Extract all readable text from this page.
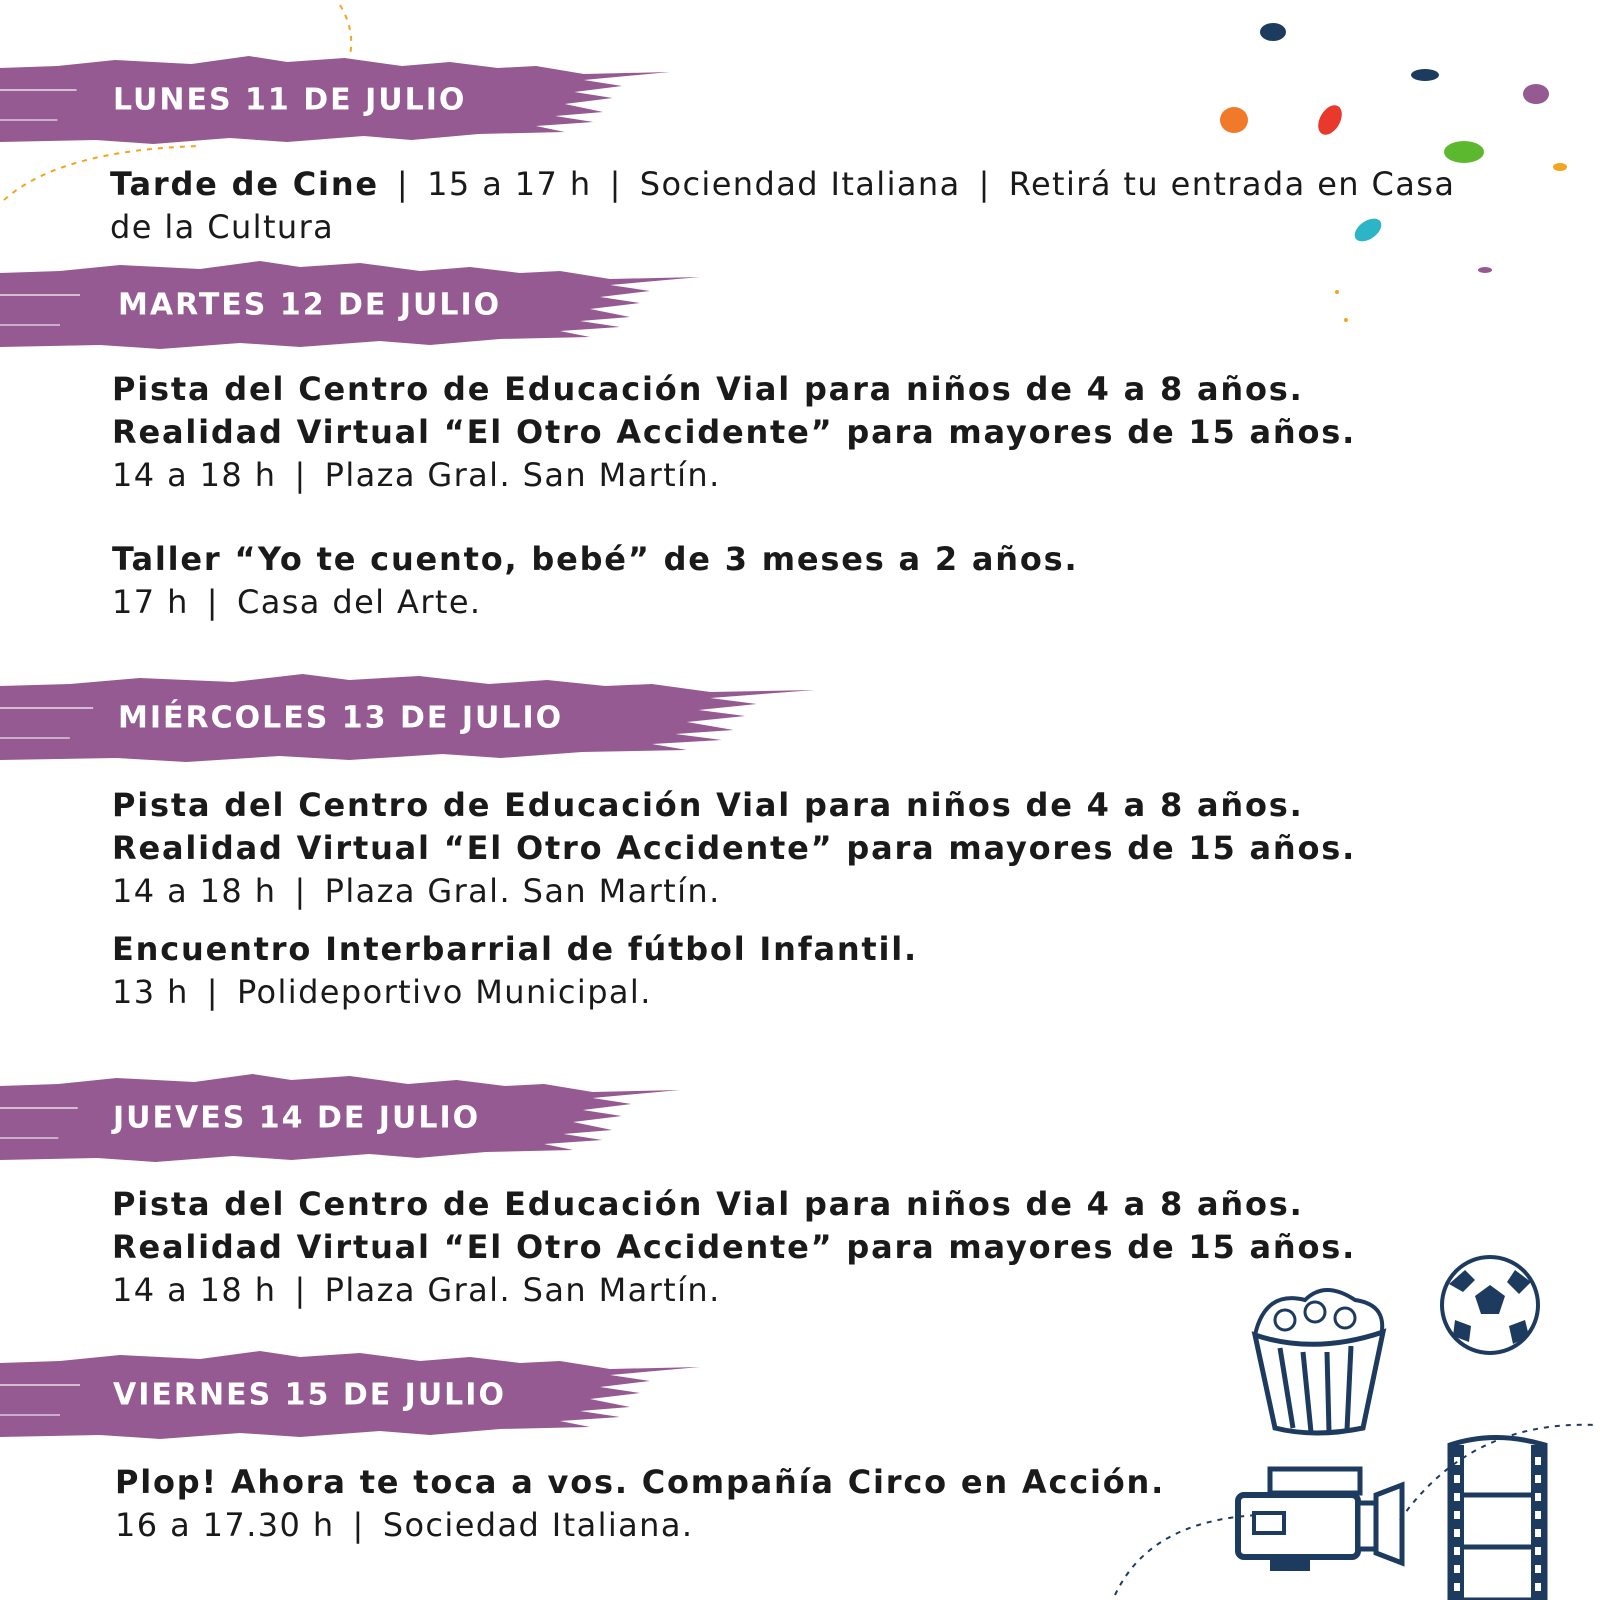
LUNES 11 DE JULIO
Tarde de Cine | 15 a 17 h | Sociendad Italiana | Retirá tu entrada en Casa
de la Cultura
MARTES 12 DE JULIO
Pista del Centro de Educación Vial para niños de 4 a 8 años.
Realidad Virtual “El Otro Accidente” para mayores de 15 años.
14 a 18 h | Plaza Gral. San Martín.
Taller “Yo te cuento, bebé” de 3 meses a 2 años.
17 h | Casa del Arte.
MIÉRCOLES 13 DE JULIO
Pista del Centro de Educación Vial para niños de 4 a 8 años.
Realidad Virtual “El Otro Accidente” para mayores de 15 años.
14 a 18 h | Plaza Gral. San Martín.
Encuentro Interbarrial de fútbol Infantil.
13 h | Polideportivo Municipal.
JUEVES 14 DE JULIO
Pista del Centro de Educación Vial para niños de 4 a 8 años.
Realidad Virtual “El Otro Accidente” para mayores de 15 años.
14 a 18 h | Plaza Gral. San Martín.
VIERNES 15 DE JULIO
Plop! Ahora te toca a vos. Compañía Circo en Acción.
16 a 17.30 h | Sociedad Italiana.
